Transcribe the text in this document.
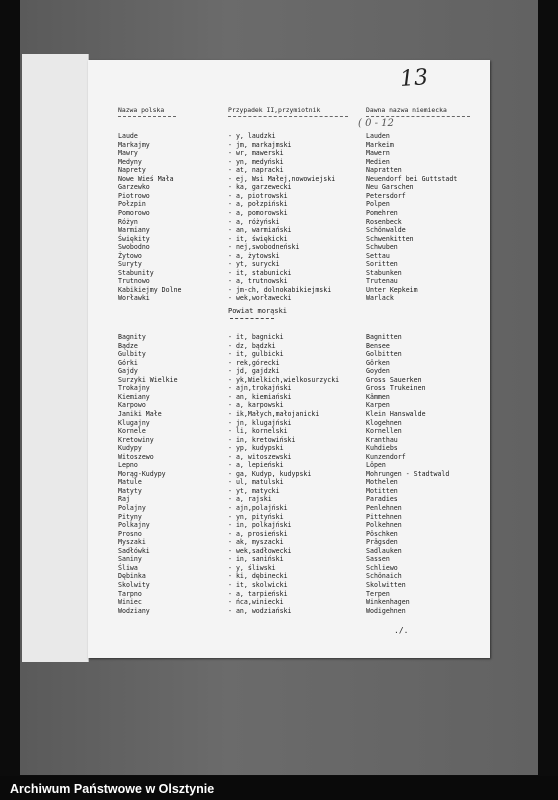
13
( 0 - 12
Nazwa polska	Przypadek II,przymiotnik	Dawna nazwa niemiecka
Laude	- y, laudzki	Lauden
Markajmy	- jm, markajmski	Markeim
Mawry	- wr, mawerski	Mawern
Medyny	- yn, medyński	Medien
Naprety	- at, napracki	Napratten
Nowe Wieś Mała	- ej, Wsi Małej,nowowiejski	Neuendorf bei Guttstadt
Garzewko	- ka, garzewecki	Neu Garschen
Piotrowo	- a, piotrowski	Petersdorf
Połzpin	- a, połzpiński	Polpen
Pomorowo	- a, pomorowski	Pomehren
Różyn	- a, różyński	Rosenbeck
Warmiany	- an, warmiański	Schönwalde
Świękity	- it, świękicki	Schwenkitten
Swobodno	- nej,swobodneński	Schwuben
Żytowo	- a, żytowski	Settau
Suryty	- yt, surycki	Soritten
Stabunity	- it, stabunicki	Stabunken
Trutnowo	- a, trutnowski	Trutenau
Kabikiejmy Dolne	- jm-ch, dolnokabikiejmski	Unter Kepkeim
Worławki	- wek,worławecki	Warlack
Powiat morąski
Bagnity	- it, bagnicki	Bagnitten
Bądze	- dz, bądzki	Bensee
Gulbity	- it, gulbicki	Golbitten
Górki	- rek,górecki	Görken
Gajdy	- jd, gajdzki	Goyden
Surzyki Wielkie	- yk,Wielkich,wielkosurzycki	Gross Sauerken
Trokajny	- ajn,trokajński	Gross Trukeinen
Kiemiany	- an, kiemiański	Kämmen
Karpowo	- a, karpowski	Karpen
Janiki Małe	- ik,Małych,małojanicki	Klein Hanswalde
Klugajny	- jn, klugajński	Klogehnen
Kornele	- li, kornelski	Kornellen
Kretowiny	- in, kretowiński	Kranthau
Kudypy	- yp, kudypski	Kuhdiebs
Witoszewo	- a, witoszewski	Kunzendorf
Lepno	- a, lepieński	Löpen
Morąg-Kudypy	- ga, Kudyp, kudypski	Mohrungen - Stadtwald
Matule	- ul, matulski	Mothelen
Matyty	- yt, matycki	Motitten
Raj	- a, rajski	Paradies
Polajny	- ajn,polajński	Penlehnen
Pityny	- yn, pityński	Pittehnen
Polkajny	- in, polkajński	Polkehnen
Prosno	- a, prosieński	Pöschken
Myszaki	- ak, myszacki	Prägsden
Sadłówki	- wek,sadłowecki	Sadlauken
Saniny	- in, saniński	Sassen
Śliwa	- y, śliwski	Schliewo
Dębinka	- ki, dębinecki	Schönaich
Skolwity	- it, skolwicki	Skolwitten
Tarpno	- a, tarpieński	Terpen
Winiec	- ńca,winiecki	Winkenhagen
Wodziany	- an, wodziański	Wodigehnen
./.
Archiwum Państwowe w Olsztynie
